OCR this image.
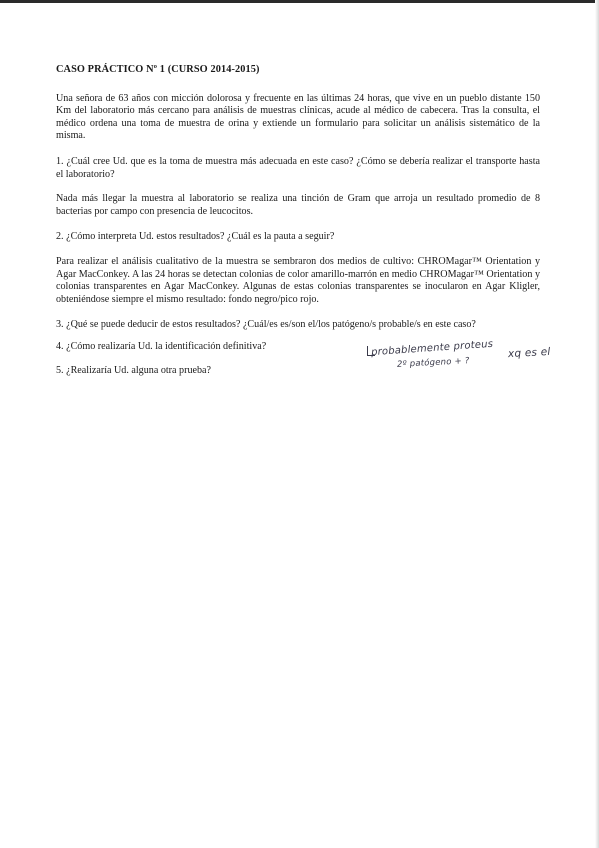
CASO PRÁCTICO Nº 1 (CURSO 2014-2015)

Una señora de 63 años con micción dolorosa y frecuente en las últimas 24 horas, que vive en un pueblo distante 150 Km del laboratorio más cercano para análisis de muestras clínicas, acude al médico de cabecera. Tras la consulta, el médico ordena una toma de muestra de orina y extiende un formulario para solicitar un análisis sistemático de la misma.

1. ¿Cuál cree Ud. que es la toma de muestra más adecuada en este caso? ¿Cómo se debería realizar el transporte hasta el laboratorio?

Nada más llegar la muestra al laboratorio se realiza una tinción de Gram que arroja un resultado promedio de 8 bacterias por campo con presencia de leucocitos.

2. ¿Cómo interpreta Ud. estos resultados? ¿Cuál es la pauta a seguir?

Para realizar el análisis cualitativo de la muestra se sembraron dos medios de cultivo: CHROMagar™ Orientation y Agar MacConkey. A las 24 horas se detectan colonias de color amarillo-marrón en medio CHROMagar™ Orientation y colonias transparentes en Agar MacConkey. Algunas de estas colonias transparentes se inocularon en Agar Kligler, obteniéndose siempre el mismo resultado: fondo negro/pico rojo.

3. ¿Qué se puede deducir de estos resultados? ¿Cuál/es es/son el/los patógeno/s probable/s en este caso?

4. ¿Cómo realizaría Ud. la identificación definitiva?

5. ¿Realizaría Ud. alguna otra prueba?

probablemente proteus xq es el
2º patógeno + ?
